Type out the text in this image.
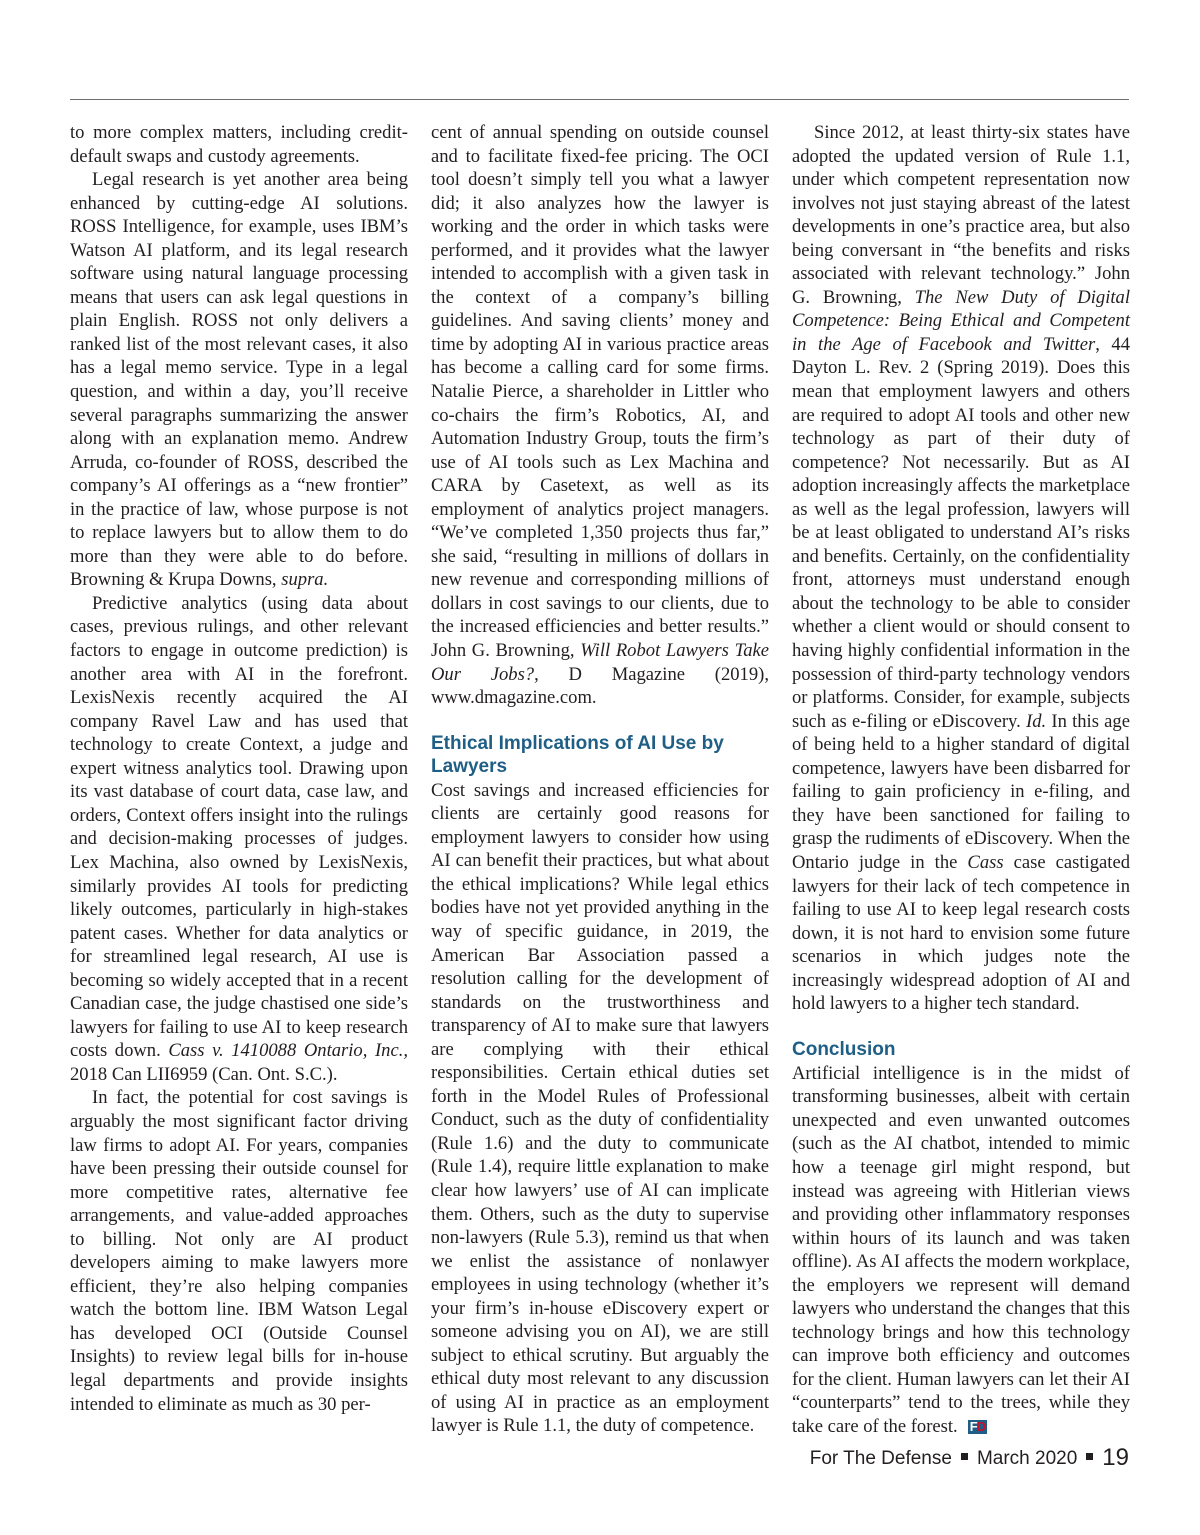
to more complex matters, including credit-default swaps and custody agreements.

Legal research is yet another area being enhanced by cutting-edge AI solutions. ROSS Intelligence, for example, uses IBM’s Watson AI platform, and its legal research software using natural language processing means that users can ask legal questions in plain English. ROSS not only delivers a ranked list of the most relevant cases, it also has a legal memo service. Type in a legal question, and within a day, you’ll receive several paragraphs summarizing the answer along with an explanation memo. Andrew Arruda, co-founder of ROSS, described the company’s AI offerings as a “new frontier” in the practice of law, whose purpose is not to replace lawyers but to allow them to do more than they were able to do before. Browning & Krupa Downs, supra.

Predictive analytics (using data about cases, previous rulings, and other relevant factors to engage in outcome prediction) is another area with AI in the forefront. LexisNexis recently acquired the AI company Ravel Law and has used that technology to create Context, a judge and expert witness analytics tool. Drawing upon its vast database of court data, case law, and orders, Context offers insight into the rulings and decision-making processes of judges. Lex Machina, also owned by LexisNexis, similarly provides AI tools for predicting likely outcomes, particularly in high-stakes patent cases. Whether for data analytics or for streamlined legal research, AI use is becoming so widely accepted that in a recent Canadian case, the judge chastised one side’s lawyers for failing to use AI to keep research costs down. Cass v. 1410088 Ontario, Inc., 2018 Can LII6959 (Can. Ont. S.C.).

In fact, the potential for cost savings is arguably the most significant factor driving law firms to adopt AI. For years, companies have been pressing their outside counsel for more competitive rates, alternative fee arrangements, and value-added approaches to billing. Not only are AI product developers aiming to make lawyers more efficient, they’re also helping companies watch the bottom line. IBM Watson Legal has developed OCI (Outside Counsel Insights) to review legal bills for in-house legal departments and provide insights intended to eliminate as much as 30 per-

cent of annual spending on outside counsel and to facilitate fixed-fee pricing. The OCI tool doesn’t simply tell you what a lawyer did; it also analyzes how the lawyer is working and the order in which tasks were performed, and it provides what the lawyer intended to accomplish with a given task in the context of a company’s billing guidelines. And saving clients’ money and time by adopting AI in various practice areas has become a calling card for some firms. Natalie Pierce, a shareholder in Littler who co-chairs the firm’s Robotics, AI, and Automation Industry Group, touts the firm’s use of AI tools such as Lex Machina and CARA by Casetext, as well as its employment of analytics project managers. “We’ve completed 1,350 projects thus far,” she said, “resulting in millions of dollars in new revenue and corresponding millions of dollars in cost savings to our clients, due to the increased efficiencies and better results.” John G. Browning, Will Robot Lawyers Take Our Jobs?, D Magazine (2019), www.dmagazine.com.

Ethical Implications of AI Use by Lawyers

Cost savings and increased efficiencies for clients are certainly good reasons for employment lawyers to consider how using AI can benefit their practices, but what about the ethical implications? While legal ethics bodies have not yet provided anything in the way of specific guidance, in 2019, the American Bar Association passed a resolution calling for the development of standards on the trustworthiness and transparency of AI to make sure that lawyers are complying with their ethical responsibilities. Certain ethical duties set forth in the Model Rules of Professional Conduct, such as the duty of confidentiality (Rule 1.6) and the duty to communicate (Rule 1.4), require little explanation to make clear how lawyers’ use of AI can implicate them. Others, such as the duty to supervise non-lawyers (Rule 5.3), remind us that when we enlist the assistance of nonlawyer employees in using technology (whether it’s your firm’s in-house eDiscovery expert or someone advising you on AI), we are still subject to ethical scrutiny. But arguably the ethical duty most relevant to any discussion of using AI in practice as an employment lawyer is Rule 1.1, the duty of competence.

Since 2012, at least thirty-six states have adopted the updated version of Rule 1.1, under which competent representation now involves not just staying abreast of the latest developments in one’s practice area, but also being conversant in “the benefits and risks associated with relevant technology.” John G. Browning, The New Duty of Digital Competence: Being Ethical and Competent in the Age of Facebook and Twitter, 44 Dayton L. Rev. 2 (Spring 2019). Does this mean that employment lawyers and others are required to adopt AI tools and other new technology as part of their duty of competence? Not necessarily. But as AI adoption increasingly affects the marketplace as well as the legal profession, lawyers will be at least obligated to understand AI’s risks and benefits. Certainly, on the confidentiality front, attorneys must understand enough about the technology to be able to consider whether a client would or should consent to having highly confidential information in the possession of third-party technology vendors or platforms. Consider, for example, subjects such as e-filing or eDiscovery. Id. In this age of being held to a higher standard of digital competence, lawyers have been disbarred for failing to gain proficiency in e-filing, and they have been sanctioned for failing to grasp the rudiments of eDiscovery. When the Ontario judge in the Cass case castigated lawyers for their lack of tech competence in failing to use AI to keep legal research costs down, it is not hard to envision some future scenarios in which judges note the increasingly widespread adoption of AI and hold lawyers to a higher tech standard.

Conclusion

Artificial intelligence is in the midst of transforming businesses, albeit with certain unexpected and even unwanted outcomes (such as the AI chatbot, intended to mimic how a teenage girl might respond, but instead was agreeing with Hitlerian views and providing other inflammatory responses within hours of its launch and was taken offline). As AI affects the modern workplace, the employers we represent will demand lawyers who understand the changes that this technology brings and how this technology can improve both efficiency and outcomes for the client. Human lawyers can let their AI “counterparts” tend to the trees, while they take care of the forest. FD

For The Defense March 2020 19
